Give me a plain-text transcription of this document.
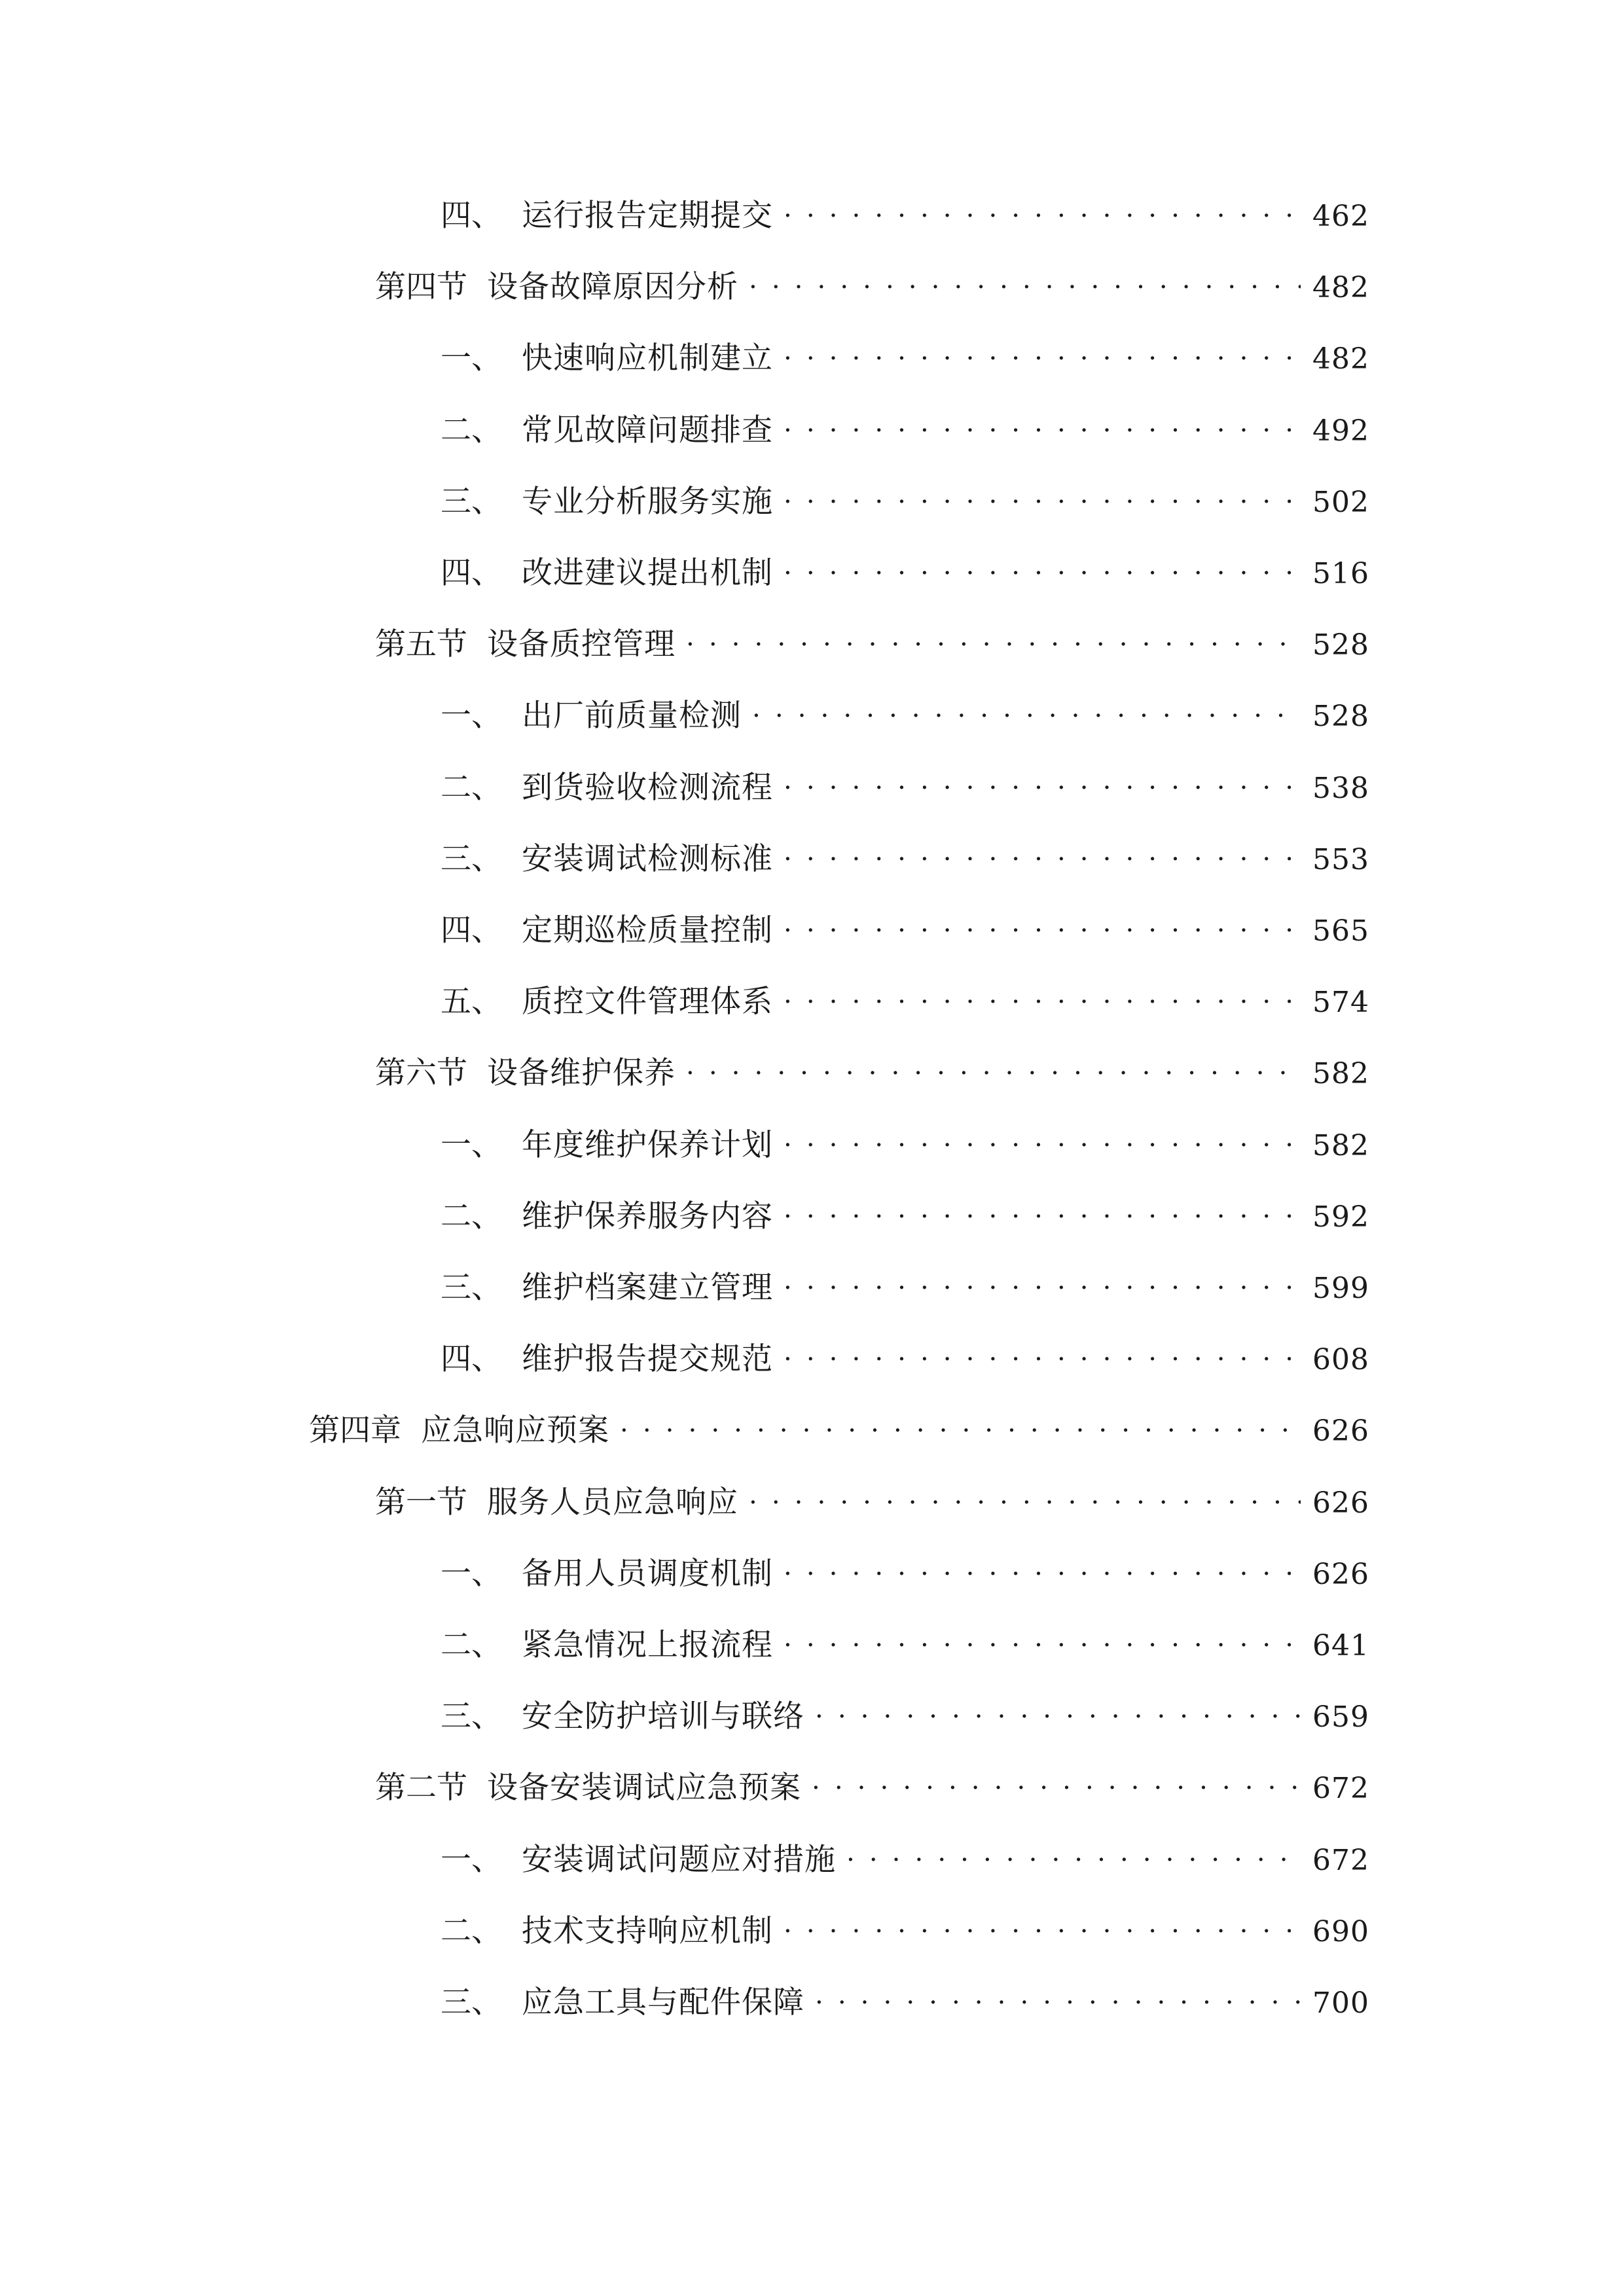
四、 运行报告定期提交 . . .	462
第四节 设备故障原因分析 . . .	482
一、 快速响应机制建立 . . .	482
二、 常见故障问题排查 . . .	492
三、 专业分析服务实施 . . .	502
四、 改进建议提出机制 . . .	516
第五节 设备质控管理 . . .	528
一、 出厂前质量检测 . . .	528
二、 到货验收检测流程 . . .	538
三、 安装调试检测标准 . . .	553
四、 定期巡检质量控制 . . .	565
五、 质控文件管理体系 . . .	574
第六节 设备维护保养 . . .	582
一、 年度维护保养计划 . . .	582
二、 维护保养服务内容 . . .	592
三、 维护档案建立管理 . . .	599
四、 维护报告提交规范 . . .	608
第四章 应急响应预案 . . .	626
第一节 服务人员应急响应 . . .	626
一、 备用人员调度机制 . . .	626
二、 紧急情况上报流程 . . .	641
三、 安全防护培训与联络 . . .	659
第二节 设备安装调试应急预案 . . .	672
一、 安装调试问题应对措施 . . .	672
二、 技术支持响应机制 . . .	690
三、 应急工具与配件保障 . . .	700
